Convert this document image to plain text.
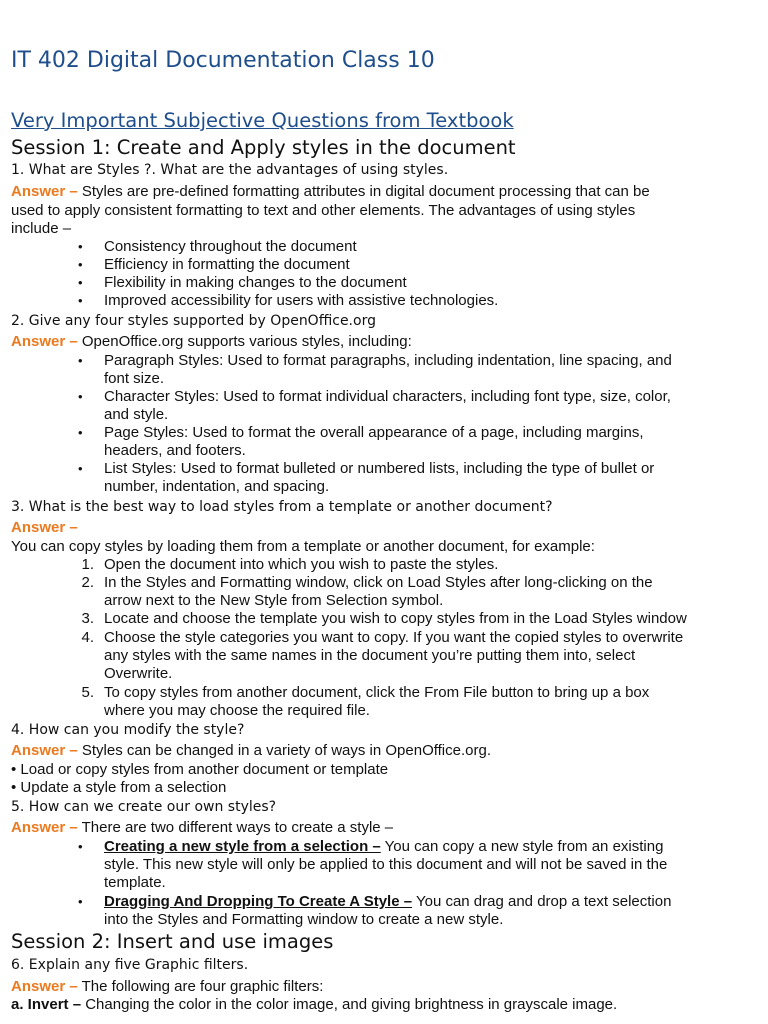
IT 402 Digital Documentation Class 10
Very Important Subjective Questions from Textbook
Session 1: Create and Apply styles in the document
1. What are Styles ?. What are the advantages of using styles.
Answer – Styles are pre-defined formatting attributes in digital document processing that can be
used to apply consistent formatting to text and other elements. The advantages of using styles
include –
• Consistency throughout the document
• Efficiency in formatting the document
• Flexibility in making changes to the document
• Improved accessibility for users with assistive technologies.
2. Give any four styles supported by OpenOffice.org
Answer – OpenOffice.org supports various styles, including:
• Paragraph Styles: Used to format paragraphs, including indentation, line spacing, and
font size.
• Character Styles: Used to format individual characters, including font type, size, color,
and style.
• Page Styles: Used to format the overall appearance of a page, including margins,
headers, and footers.
• List Styles: Used to format bulleted or numbered lists, including the type of bullet or
number, indentation, and spacing.
3. What is the best way to load styles from a template or another document?
Answer –
You can copy styles by loading them from a template or another document, for example:
1. Open the document into which you wish to paste the styles.
2. In the Styles and Formatting window, click on Load Styles after long-clicking on the
arrow next to the New Style from Selection symbol.
3. Locate and choose the template you wish to copy styles from in the Load Styles window
4. Choose the style categories you want to copy. If you want the copied styles to overwrite
any styles with the same names in the document you’re putting them into, select
Overwrite.
5. To copy styles from another document, click the From File button to bring up a box
where you may choose the required file.
4. How can you modify the style?
Answer – Styles can be changed in a variety of ways in OpenOffice.org.
• Load or copy styles from another document or template
• Update a style from a selection
5. How can we create our own styles?
Answer – There are two different ways to create a style –
• Creating a new style from a selection – You can copy a new style from an existing
style. This new style will only be applied to this document and will not be saved in the
template.
• Dragging And Dropping To Create A Style – You can drag and drop a text selection
into the Styles and Formatting window to create a new style.
Session 2: Insert and use images
6. Explain any five Graphic filters.
Answer – The following are four graphic filters:
a. Invert – Changing the color in the color image, and giving brightness in grayscale image.
